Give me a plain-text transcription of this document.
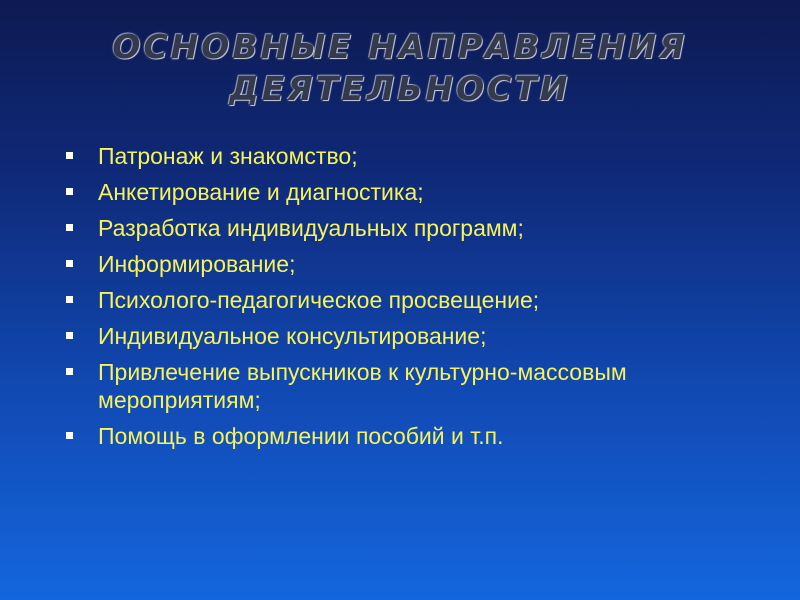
ОСНОВНЫЕ НАПРАВЛЕНИЯ
ДЕЯТЕЛЬНОСТИ
Патронаж и знакомство;
Анкетирование и диагностика;
Разработка индивидуальных программ;
Информирование;
Психолого-педагогическое просвещение;
Индивидуальное консультирование;
Привлечение выпускников к культурно-массовым мероприятиям;
Помощь в оформлении пособий и т.п.
